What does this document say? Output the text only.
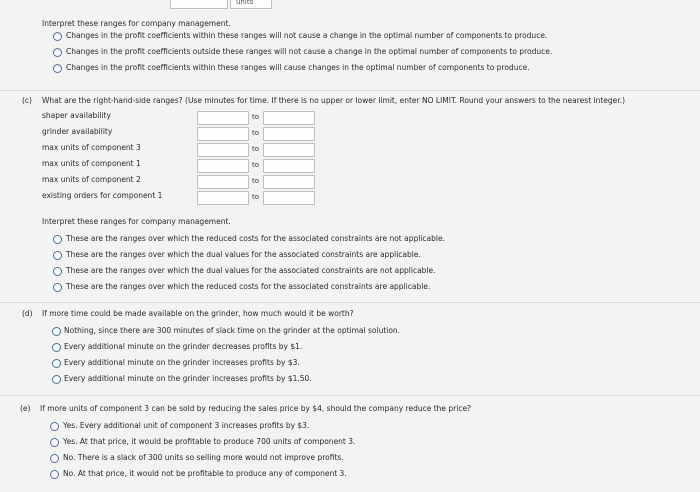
units
Interpret these ranges for company management.
Changes in the profit coefficients within these ranges will not cause a change in the optimal number of components to produce.
Changes in the profit coefficients outside these ranges will not cause a change in the optimal number of components to produce.
Changes in the profit coefficients within these ranges will cause changes in the optimal number of components to produce.
(c) What are the right-hand-side ranges? (Use minutes for time. If there is no upper or lower limit, enter NO LIMIT. Round your answers to the nearest integer.)
shaper availability
grinder availability
max units of component 3
max units of component 1
max units of component 2
existing orders for component 1
to
to
to
to
to
to
Interpret these ranges for company management.
These are the ranges over which the reduced costs for the associated constraints are not applicable.
These are the ranges over which the dual values for the associated constraints are applicable.
These are the ranges over which the dual values for the associated constraints are not applicable.
These are the ranges over which the reduced costs for the associated constraints are applicable.
(d) If more time could be made available on the grinder, how much would it be worth?
Nothing, since there are 300 minutes of slack time on the grinder at the optimal solution.
Every additional minute on the grinder decreases profits by $1.
Every additional minute on the grinder increases profits by $3.
Every additional minute on the grinder increases profits by $1.50.
(e) If more units of component 3 can be sold by reducing the sales price by $4, should the company reduce the price?
Yes. Every additional unit of component 3 increases profits by $3.
Yes. At that price, it would be profitable to produce 700 units of component 3.
No. There is a slack of 300 units so selling more would not improve profits.
No. At that price, it would not be profitable to produce any of component 3.
